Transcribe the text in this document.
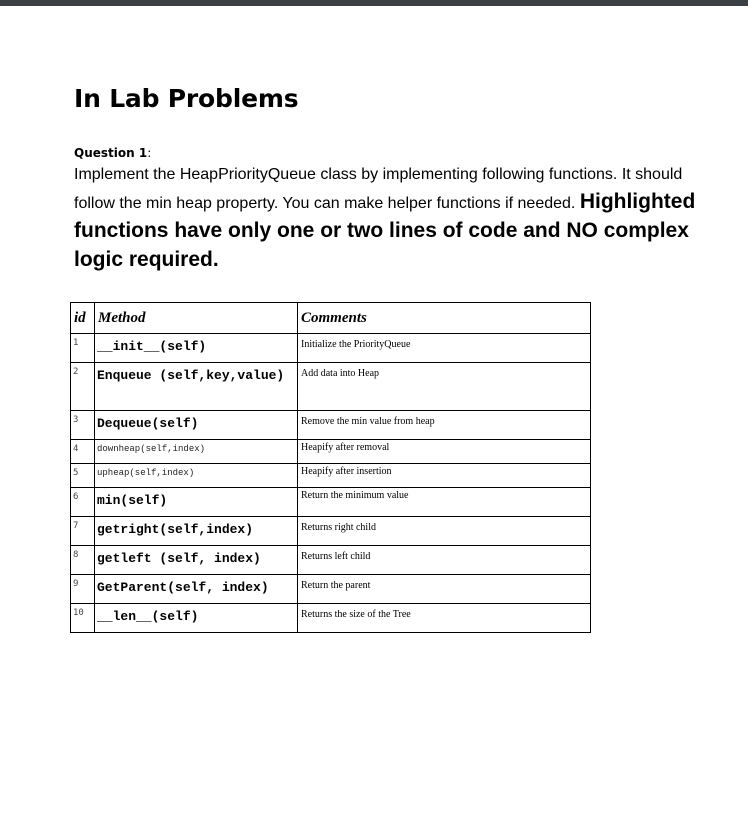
In Lab Problems
Question 1:
Implement the HeapPriorityQueue class by implementing following functions. It should follow the min heap property. You can make helper functions if needed. Highlighted functions have only one or two lines of code and NO complex logic required.
id	Method	Comments
1	__init__(self)	Initialize the PriorityQueue
2	Enqueue (self,key,value)	Add data into Heap
3	Dequeue(self)	Remove the min value from heap
4	downheap(self,index)	Heapify after removal
5	upheap(self,index)	Heapify after insertion
6	min(self)	Return the minimum value
7	getright(self,index)	Returns right child
8	getleft (self, index)	Returns left child
9	GetParent(self, index)	Return the parent
10	__len__(self)	Returns the size of the Tree
